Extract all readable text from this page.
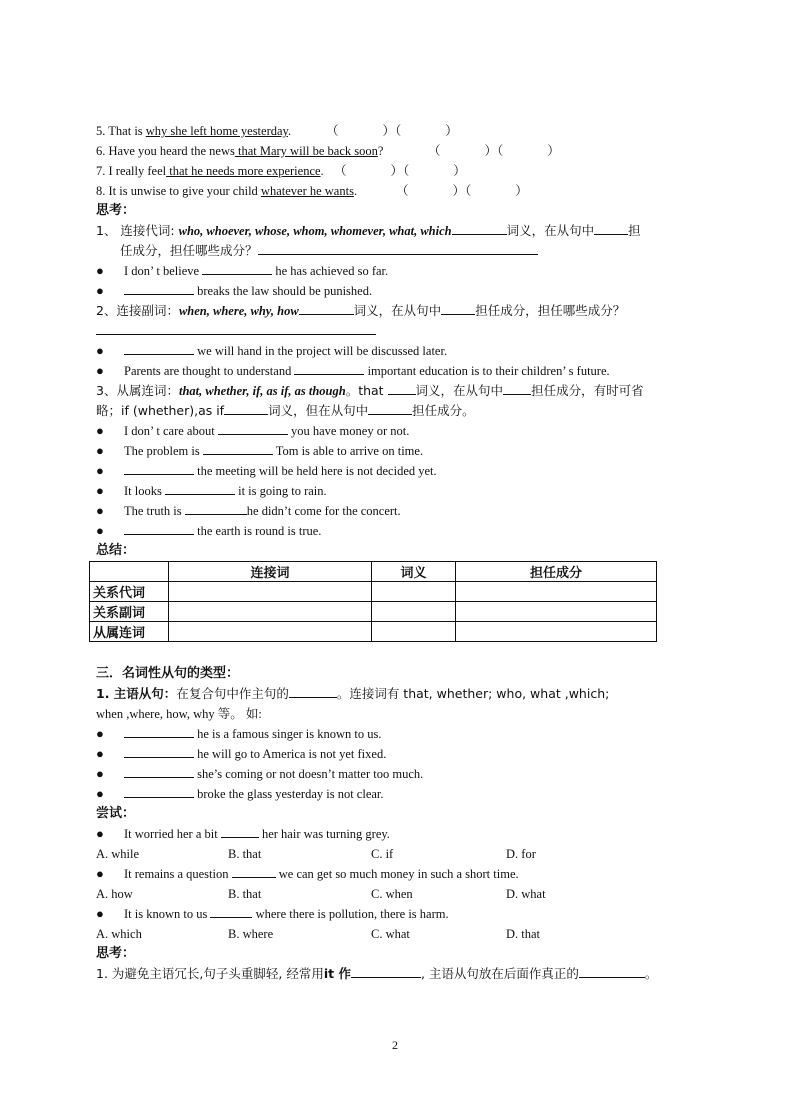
5. That is why she left home yesterday.	（	）（	）
6. Have you heard the news that Mary will be back soon?	（	）（	）
7. I really feel that he needs more experience. （	）（	）
8. It is unwise to give your child whatever he wants.	（	）（	）
思考：
1、 连接代词: who, whoever, whose, whom, whomever, what, which	词义，在从句中	担
任成分，担任哪些成分？
● I don’ t believe	he has achieved so far.
●	breaks the law should be punished.
2、连接副词：when, where, why, how	词义，在从句中	担任成分，担任哪些成分？
●	we will hand in the project will be discussed later.
● Parents are thought to understand	important education is to their children’ s future.
3、从属连词：that, whether, if, as if, as though。that 词义，在从句中 担任成分，有时可省
略；if (whether),as if	词义，但在从句中	担任成分。
● I don’ t care about	you have money or not.
● The problem is	Tom is able to arrive on time.
●	the meeting will be held here is not decided yet.
● It looks	it is going to rain.
● The truth is	he didn’t come for the concert.
●	the earth is round is true.
总结：
	连接词	词义	担任成分
关系代词			
关系副词			
从属连词			
三．名词性从句的类型：
1. 主语从句：在复合句中作主句的	。连接词有 that, whether; who, what ,which;
when ,where, how, why 等。 如:
●	he is a famous singer is known to us.
●	he will go to America is not yet fixed.
●	she’s coming or not doesn’t matter too much.
●	broke the glass yesterday is not clear.
尝试：
● It worried her a bit	her hair was turning grey.
A. while	B. that	C. if	D. for
● It remains a question	we can get so much money in such a short time.
A. how	B. that	C. when	D. what
● It is known to us	where there is pollution, there is harm.
A. which	B. where	C. what	D. that
思考：
1. 为避免主语冗长,句子头重脚轻, 经常用it 作	, 主语从句放在后面作真正的	。
2
